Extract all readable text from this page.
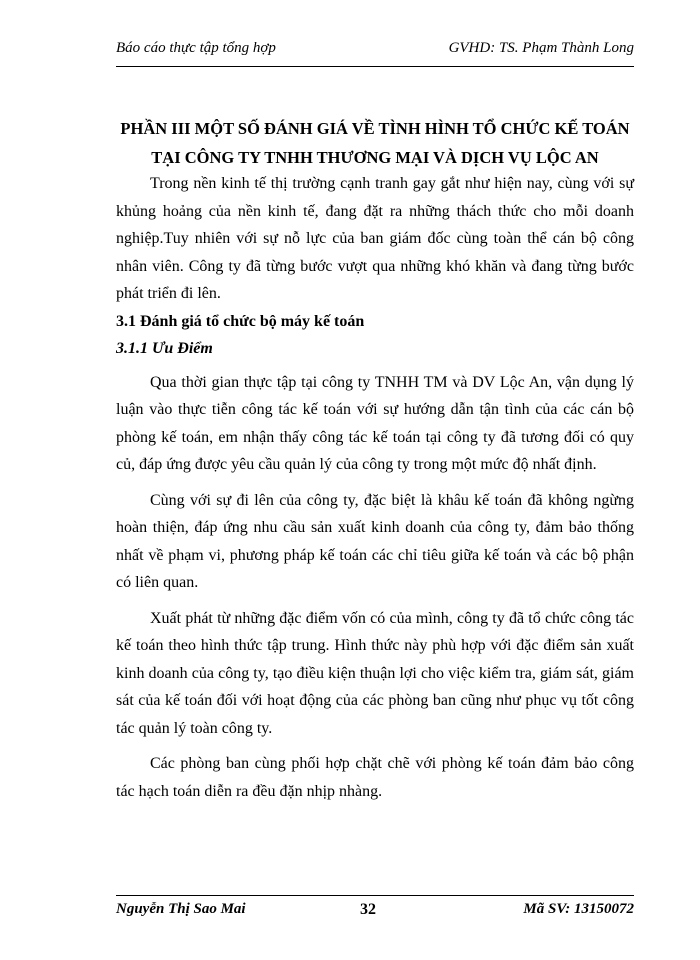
Báo cáo thực tập tổng hợp	GVHD: TS. Phạm Thành Long
PHẦN III MỘT SỐ ĐÁNH GIÁ VỀ TÌNH HÌNH TỔ CHỨC KẾ TOÁN
TẠI CÔNG TY TNHH THƯƠNG MẠI VÀ DỊCH VỤ LỘC AN

Trong nền kinh tế thị trường cạnh tranh gay gắt như hiện nay, cùng với sự khủng hoảng của nền kinh tế, đang đặt ra những thách thức cho mỗi doanh nghiệp.Tuy nhiên với sự nỗ lực của ban giám đốc cùng toàn thể cán bộ công nhân viên. Công ty đã từng bước vượt qua những khó khăn và đang từng bước phát triển đi lên.

3.1 Đánh giá tổ chức bộ máy kế toán
3.1.1 Ưu Điểm

Qua thời gian thực tập tại công ty TNHH TM và DV Lộc An, vận dụng lý luận vào thực tiễn công tác kế toán với sự hướng dẫn tận tình của các cán bộ phòng kế toán, em nhận thấy công tác kế toán tại công ty đã tương đối có quy củ, đáp ứng được yêu cầu quản lý của công ty trong một mức độ nhất định.

Cùng với sự đi lên của công ty, đặc biệt là khâu kế toán đã không ngừng hoàn thiện, đáp ứng nhu cầu sản xuất kinh doanh của công ty, đảm bảo thống nhất về phạm vi, phương pháp kế toán các chỉ tiêu giữa kế toán và các bộ phận có liên quan.

Xuất phát từ những đặc điểm vốn có của mình, công ty đã tổ chức công tác kế toán theo hình thức tập trung. Hình thức này phù hợp với đặc điểm sản xuất kinh doanh của công ty, tạo điều kiện thuận lợi cho việc kiểm tra, giám sát, giám sát của kế toán đối với hoạt động của các phòng ban cũng như phục vụ tốt công tác quản lý toàn công ty.

Các phòng ban cùng phối hợp chặt chẽ với phòng kế toán đảm bảo công tác hạch toán diễn ra đều đặn nhịp nhàng.

Nguyễn Thị Sao Mai	32	Mã SV: 13150072
